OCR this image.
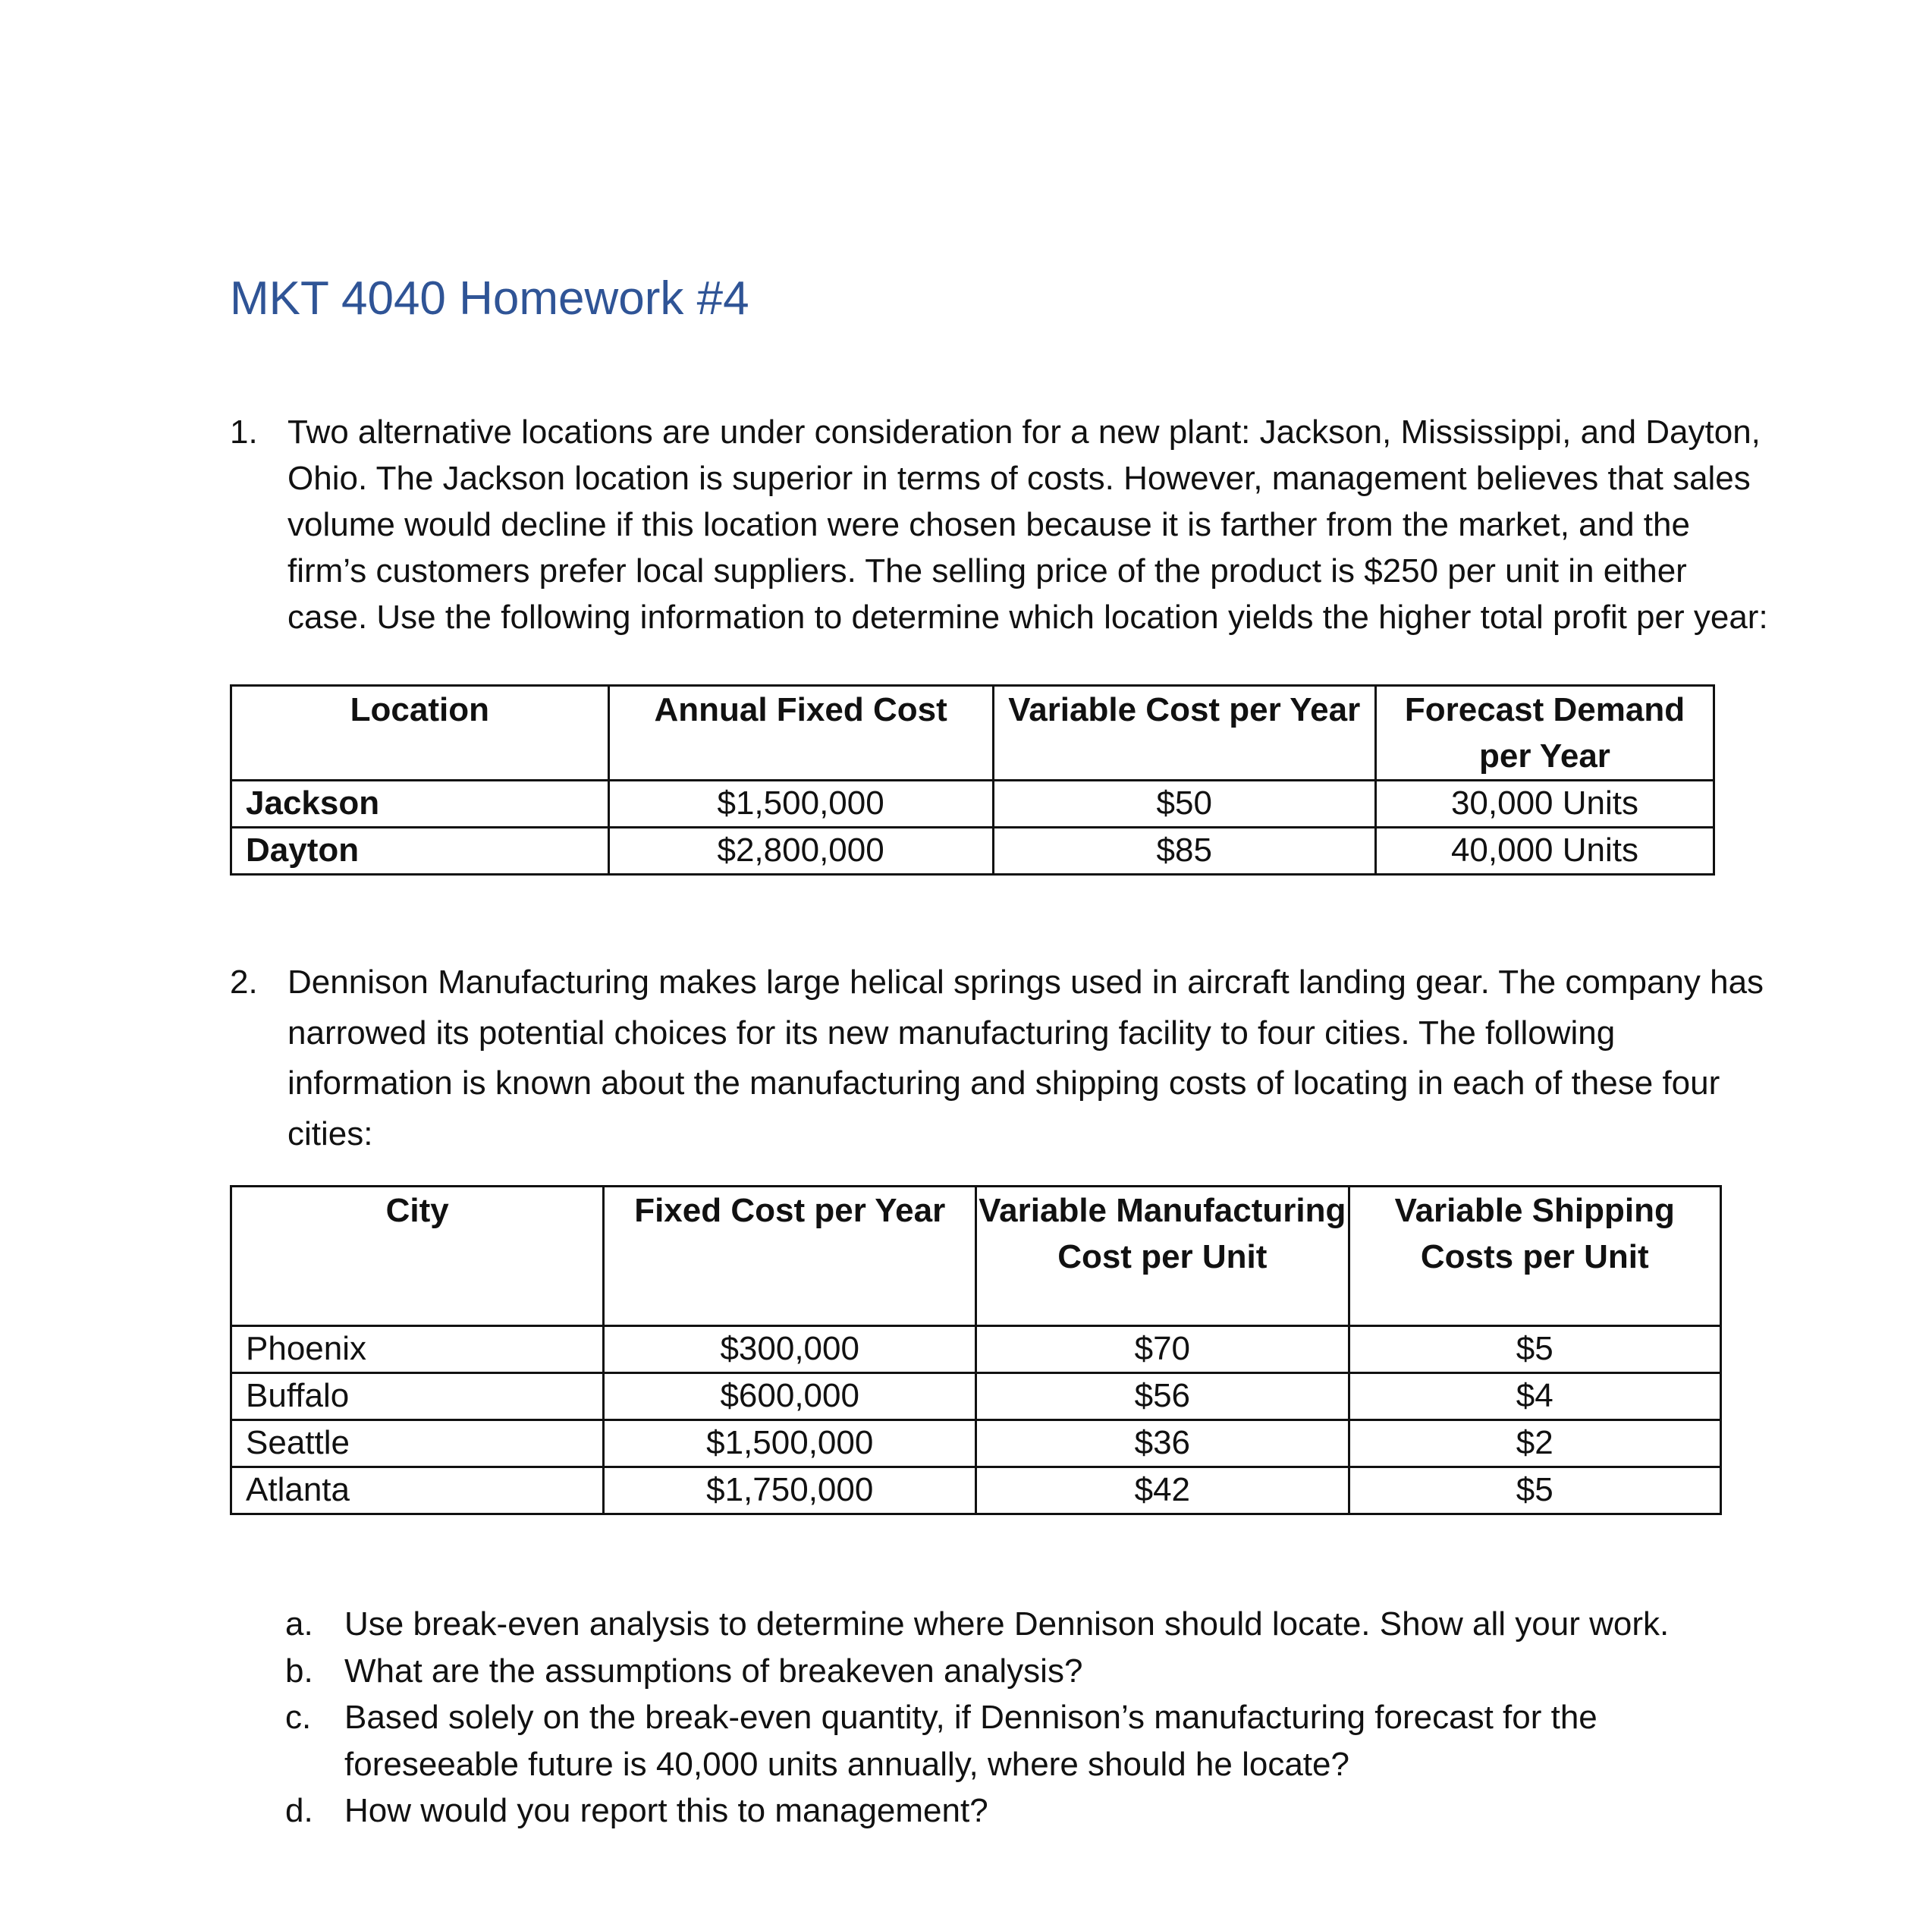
MKT 4040 Homework #4
1. Two alternative locations are under consideration for a new plant: Jackson, Mississippi, and Dayton, Ohio. The Jackson location is superior in terms of costs. However, management believes that sales volume would decline if this location were chosen because it is farther from the market, and the firm’s customers prefer local suppliers. The selling price of the product is $250 per unit in either case. Use the following information to determine which location yields the higher total profit per year:
Location	Annual Fixed Cost	Variable Cost per Year	Forecast Demand per Year
Jackson	$1,500,000	$50	30,000 Units
Dayton	$2,800,000	$85	40,000 Units
2. Dennison Manufacturing makes large helical springs used in aircraft landing gear. The company has narrowed its potential choices for its new manufacturing facility to four cities. The following information is known about the manufacturing and shipping costs of locating in each of these four cities:
City	Fixed Cost per Year	Variable Manufacturing Cost per Unit	Variable Shipping Costs per Unit
Phoenix	$300,000	$70	$5
Buffalo	$600,000	$56	$4
Seattle	$1,500,000	$36	$2
Atlanta	$1,750,000	$42	$5
a. Use break-even analysis to determine where Dennison should locate. Show all your work.
b. What are the assumptions of breakeven analysis?
c. Based solely on the break-even quantity, if Dennison’s manufacturing forecast for the foreseeable future is 40,000 units annually, where should he locate?
d. How would you report this to management?
